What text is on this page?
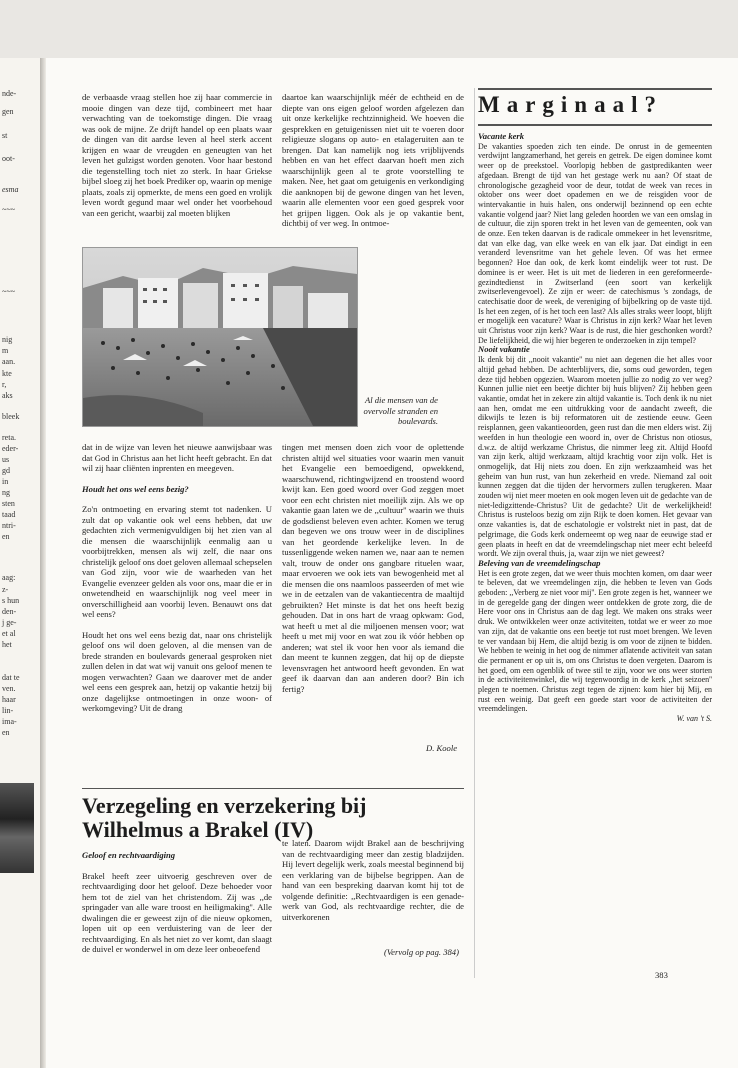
nde-
gen
st
oot-
esma
~~~
~~~
nig
m
aan.
kte
r,
aks
bleek
reta.
eder-
us
gd
in
ng
sten
taad
ntri-
en
aag:
z-
s hun
den-
j ge-
et al
het
dat te
ven.
haar
lin-
ima-
en

de verbaasde vraag stellen hoe zij haar commercie in mooie dingen van deze tijd, combineert met haar verwachting van de toekomstige dingen. Die vraag was ook de mijne. Ze drijft handel op een plaats waar de dingen van dit aardse leven al heel sterk accent krijgen en waar de vreugden en geneugten van het leven het gulzigst worden genoten. Voor haar bestond die tegenstelling toch niet zo sterk. In haar Griekse bijbel sloeg zij het boek Prediker op, waarin op menige plaats, zoals zij opmerkte, de mens een goed en vrolijk leven wordt gegund maar wel onder het voorbehoud van een gericht, waarbij zal moeten blijken

daartoe kan waarschijnlijk méér de echtheid en de diepte van ons eigen geloof worden afgelezen dan uit onze kerkelijke rechtzinnigheid. We hoeven die gesprekken en getuigenissen niet uit te voeren door religieuze slogans op auto- en etalageruiten aan te brengen. Dat kan namelijk nog iets vrijblijvends hebben en van het effect daarvan hoeft men zich waarschijnlijk geen al te grote voorstelling te maken. Nee, het gaat om getuigenis en verkondiging die aanknopen bij de gewone dingen van het leven, waarin alle elementen voor een goed gesprek voor het grijpen liggen. Ook als je op vakantie bent, dichtbij of ver weg. In ontmoe-

Al die mensen van de overvolle stranden en boulevards.

dat in de wijze van leven het nieuwe aanwijsbaar was dat God in Christus aan het licht heeft gebracht. En dat wil zij haar cliënten inprenten en meegeven.

Houdt het ons wel eens bezig?

Zo'n ontmoeting en ervaring stemt tot nadenken. U zult dat op vakantie ook wel eens hebben, dat uw gedachten zich vermenigvuldigen bij het zien van al die mensen die waarschijnlijk eenmalig aan u voorbijtrekken, mensen als wij zelf, die naar ons christelijk geloof ons doet geloven allemaal schepselen van God zijn, voor wie de waarheden van het Evangelie evenzeer gelden als voor ons, maar die er in onwetendheid en waarschijnlijk nog veel meer in onverschilligheid aan voorbij leven. Benauwt ons dat wel eens?

Houdt het ons wel eens bezig dat, naar ons christelijk geloof ons wil doen geloven, al die mensen van de brede stranden en boulevards generaal gesproken niet zullen delen in dat wat wij vanuit ons geloof menen te mogen verwachten? Gaan we daarover met de ander wel eens een gesprek aan, hetzij op vakantie hetzij bij onze dagelijkse ontmoetingen in onze woon- of werkomgeving? Uit de drang

tingen met mensen doen zich voor de oplettende christen altijd wel situaties voor waarin men vanuit het Evangelie een bemoedigend, opwekkend, waarschuwend, richtingwijzend en troostend woord kwijt kan. Een goed woord over God zeggen moet voor een echt christen niet moeilijk zijn. Als we op vakantie gaan laten we de ,,cultuur'' waarin we thuis de godsdienst beleven even achter. Komen we terug dan begeven we ons trouw weer in de disciplines van het geordende kerkelijke leven. In de tussenliggende weken namen we, naar aan te nemen valt, trouw de onder ons gangbare rituelen waar, maar ervoeren we ook iets van bewogenheid met al die mensen die ons naamloos passeerden of met wie we in de eetzalen van de vakantiecentra de maaltijd gebruikten? Het minste is dat het ons heeft bezig gehouden. Dat in ons hart de vraag opkwam: God, wat heeft u met al die miljoenen mensen voor; wat heeft u met mij voor en wat zou ik vóór hebben op anderen; wat stel ik voor hen voor als iemand die dan meent te kunnen zeggen, dat hij op de diepste levensvragen het antwoord heeft gevonden. En wat geef ik daarvan dan aan anderen door? Bin ich fertig?

D. Koole
Verzegeling en verzekering bij Wilhelmus a Brakel (IV)

Geloof en rechtvaardiging

Brakel heeft zeer uitvoerig geschreven over de rechtvaardiging door het geloof. Deze behoeder voor hem tot de ziel van het christendom. Zij was ,,de springader van alle ware troost en heiligmaking''. Alle dwalingen die er geweest zijn of die nieuw opkomen, lopen uit op een verduistering van de leer der rechtvaardiging. En als het niet zo ver komt, dan slaagt de duivel er wonderwel in om deze leer onbeoefend

te laten. Daarom wijdt Brakel aan de beschrijving van de rechtvaardiging meer dan zestig bladzijden. Hij levert degelijk werk, zoals meestal beginnend bij een verklaring van de bijbelse begrippen. Aan de hand van een bespreking daarvan komt hij tot de volgende definitie: ,,Rechtvaardigen is een genade-werk van God, als rechtvaardige rechter, die de uitverkorenen

(Vervolg op pag. 384)
Marginaal?

Vacante kerk

De vakanties spoeden zich ten einde. De onrust in de gemeenten verdwijnt langzamerhand, het gereis en getrek. De eigen dominee komt weer op de preekstoel. Voorlopig hebben de gastpredikanten weer afgedaan. Brengt de tijd van het gestage werk nu aan? Of staat de chronologische gezagheid voor de deur, totdat de week van reces in oktober ons weer doet opademen en we de reisgiden voor de wintervakantie in huis halen, ons onderwijl bezinnend op een echte vakantie volgend jaar? Niet lang geleden hoorden we van een omslag in de cultuur, die zijn sporen trekt in het leven van de gemeenten, ook van de onze. Een teken daarvan is de radicale ommekeer in het levensritme, dat van elke dag, van elke week en van elk jaar. Dat eindigt in een veranderd levensritme van het gehele leven. Of was het ermee begonnen? Hoe dan ook, de kerk komt eindelijk weer tot rust. De dominee is er weer. Het is uit met de liederen in een gereformeerde-gezindtedienst in Zwitserland (een soort van kerkelijk zwitserlevengevoel). Ze zijn er weer: de catechismus 's zondags, de catechisatie door de week, de vereniging of bijbelkring op de vaste tijd. Is het een zegen, of is het toch een last? Als alles straks weer loopt, blijft er mogelijk een vacature? Waar is Christus in zijn kerk? Waar het leven uit Christus voor zijn kerk? Waar is de rust, die hier geschonken wordt? De liefelijkheid, die wij hier begeren te onderzoeken in zijn tempel?

Nooit vakantie

Ik denk bij dit ,,nooit vakantie'' nu niet aan degenen die het alles voor altijd gehad hebben. De achterblijvers, die, soms oud geworden, tegen deze tijd hebben opgezien. Waarom moeten jullie zo nodig zo ver weg? Kunnen jullie niet een beetje dichter bij huis blijven? Zij hebben geen vakantie, omdat het in zekere zin altijd vakantie is. Toch denk ik nu niet aan hen, omdat me een uitdrukking voor de aandacht zweeft, die dikwijls te lezen is bij reformatoren uit de zestiende eeuw. Geen reisplannen, geen vakantieoorden, geen rust dan die men elders wist. Zij weefden in hun theologie een woord in, over de Christus non otiosus, d.w.z. de altijd werkzame Christus, die nimmer leeg zit. Altijd Hoofd van zijn kerk, altijd werkzaam, altijd krachtig voor zijn volk. Het is onmogelijk, dat Hij niets zou doen. En zijn werkzaamheid was het geheim van hun rust, van hun zekerheid en vrede. Niemand zal ooit kunnen zeggen dat die tijden der hervormers zullen terugkeren. Maar zouden wij niet meer moeten en ook mogen leven uit de gedachte van de niet-ledigzittende-Christus? Uit de gedachte? Uit de werkelijkheid! Christus is rusteloos bezig om zijn Rijk te doen komen. Het gevaar van onze vakanties is, dat de eschatologie er volstrekt niet in past, dat de pelgrimage, die Gods kerk onderneemt op weg naar de eeuwige stad er geen plaats in heeft en dat de vreemdelingschap niet meer echt beleefd wordt. We zijn overal thuis, ja, waar zijn we niet geweest?

Beleving van de vreemdelingschap

Het is een grote zegen, dat we weer thuis mochten komen, om daar weer te beleven, dat we vreemdelingen zijn, die hebben te leven van Gods geboden: ,,Verberg ze niet voor mij''. Een grote zegen is het, wanneer we in de geregelde gang der dingen weer ontdekken de grote zorg, die de Here voor ons in Christus aan de dag legt. We maken ons straks weer druk. We ontwikkelen weer onze activiteiten, totdat we er weer zo moe van zijn, dat de vakantie ons een beetje tot rust moet brengen. We leven te ver vandaan bij Hem, die altijd bezig is om voor de zijnen te bidden. We hebben te weinig in het oog de nimmer aflatende activiteit van satan die permanent er op uit is, om ons Christus te doen vergeten. Daarom is het goed, om een ogenblik of twee stil te zijn, voor we ons weer storten in de activiteitenwinkel, die wij tegenwoordig in de kerk ,,het seizoen'' plegen te noemen. Christus zegt tegen de zijnen: kom hier bij Mij, en rust een weinig. Dat geeft een goede start voor de activiteiten der vreemdelingen.

W. van 't S.

383
